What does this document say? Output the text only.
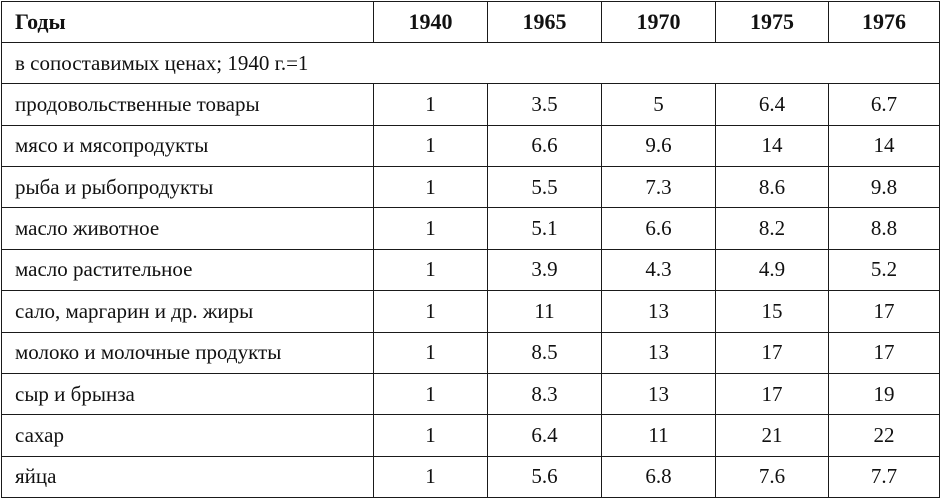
Годы	1940	1965	1970	1975	1976
в сопоставимых ценах; 1940 г.=1					
продовольственные товары	1	3.5	5	6.4	6.7
мясо и мясопродукты	1	6.6	9.6	14	14
рыба и рыбопродукты	1	5.5	7.3	8.6	9.8
масло животное	1	5.1	6.6	8.2	8.8
масло растительное	1	3.9	4.3	4.9	5.2
сало, маргарин и др. жиры	1	11	13	15	17
молоко и молочные продукты	1	8.5	13	17	17
сыр и брынза	1	8.3	13	17	19
сахар	1	6.4	11	21	22
яйца	1	5.6	6.8	7.6	7.7
